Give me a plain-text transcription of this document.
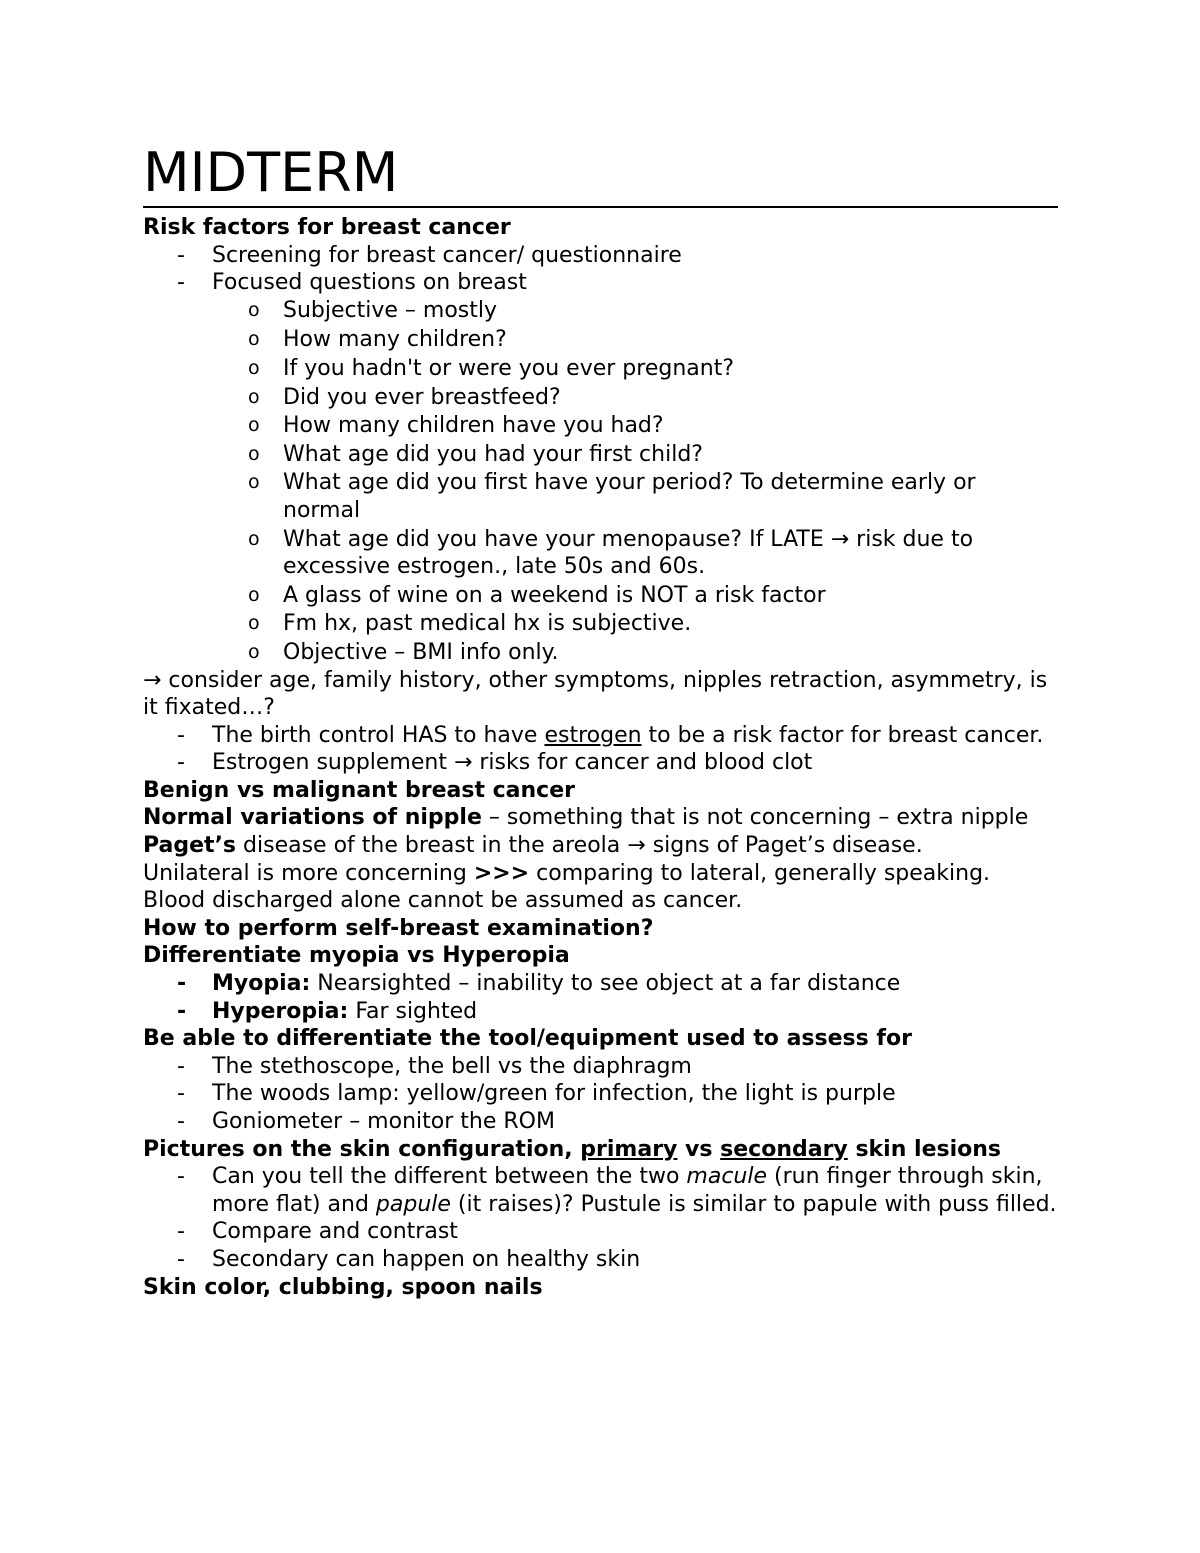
MIDTERM
Risk factors for breast cancer
- Screening for breast cancer/ questionnaire
- Focused questions on breast
o Subjective – mostly
o How many children?
o If you hadn't or were you ever pregnant?
o Did you ever breastfeed?
o How many children have you had?
o What age did you had your first child?
o What age did you first have your period? To determine early or normal
o What age did you have your menopause? If LATE → risk due to excessive estrogen., late 50s and 60s.
o A glass of wine on a weekend is NOT a risk factor
o Fm hx, past medical hx is subjective.
o Objective – BMI info only.
→ consider age, family history, other symptoms, nipples retraction, asymmetry, is it fixated…?
- The birth control HAS to have estrogen to be a risk factor for breast cancer.
- Estrogen supplement → risks for cancer and blood clot
Benign vs malignant breast cancer
Normal variations of nipple – something that is not concerning – extra nipple
Paget’s disease of the breast in the areola → signs of Paget’s disease.
Unilateral is more concerning >>> comparing to lateral, generally speaking.
Blood discharged alone cannot be assumed as cancer.
How to perform self-breast examination?
Differentiate myopia vs Hyperopia
- Myopia: Nearsighted – inability to see object at a far distance
- Hyperopia: Far sighted
Be able to differentiate the tool/equipment used to assess for
- The stethoscope, the bell vs the diaphragm
- The woods lamp: yellow/green for infection, the light is purple
- Goniometer – monitor the ROM
Pictures on the skin configuration, primary vs secondary skin lesions
- Can you tell the different between the two macule (run finger through skin, more flat) and papule (it raises)? Pustule is similar to papule with puss filled.
- Compare and contrast
- Secondary can happen on healthy skin
Skin color, clubbing, spoon nails
